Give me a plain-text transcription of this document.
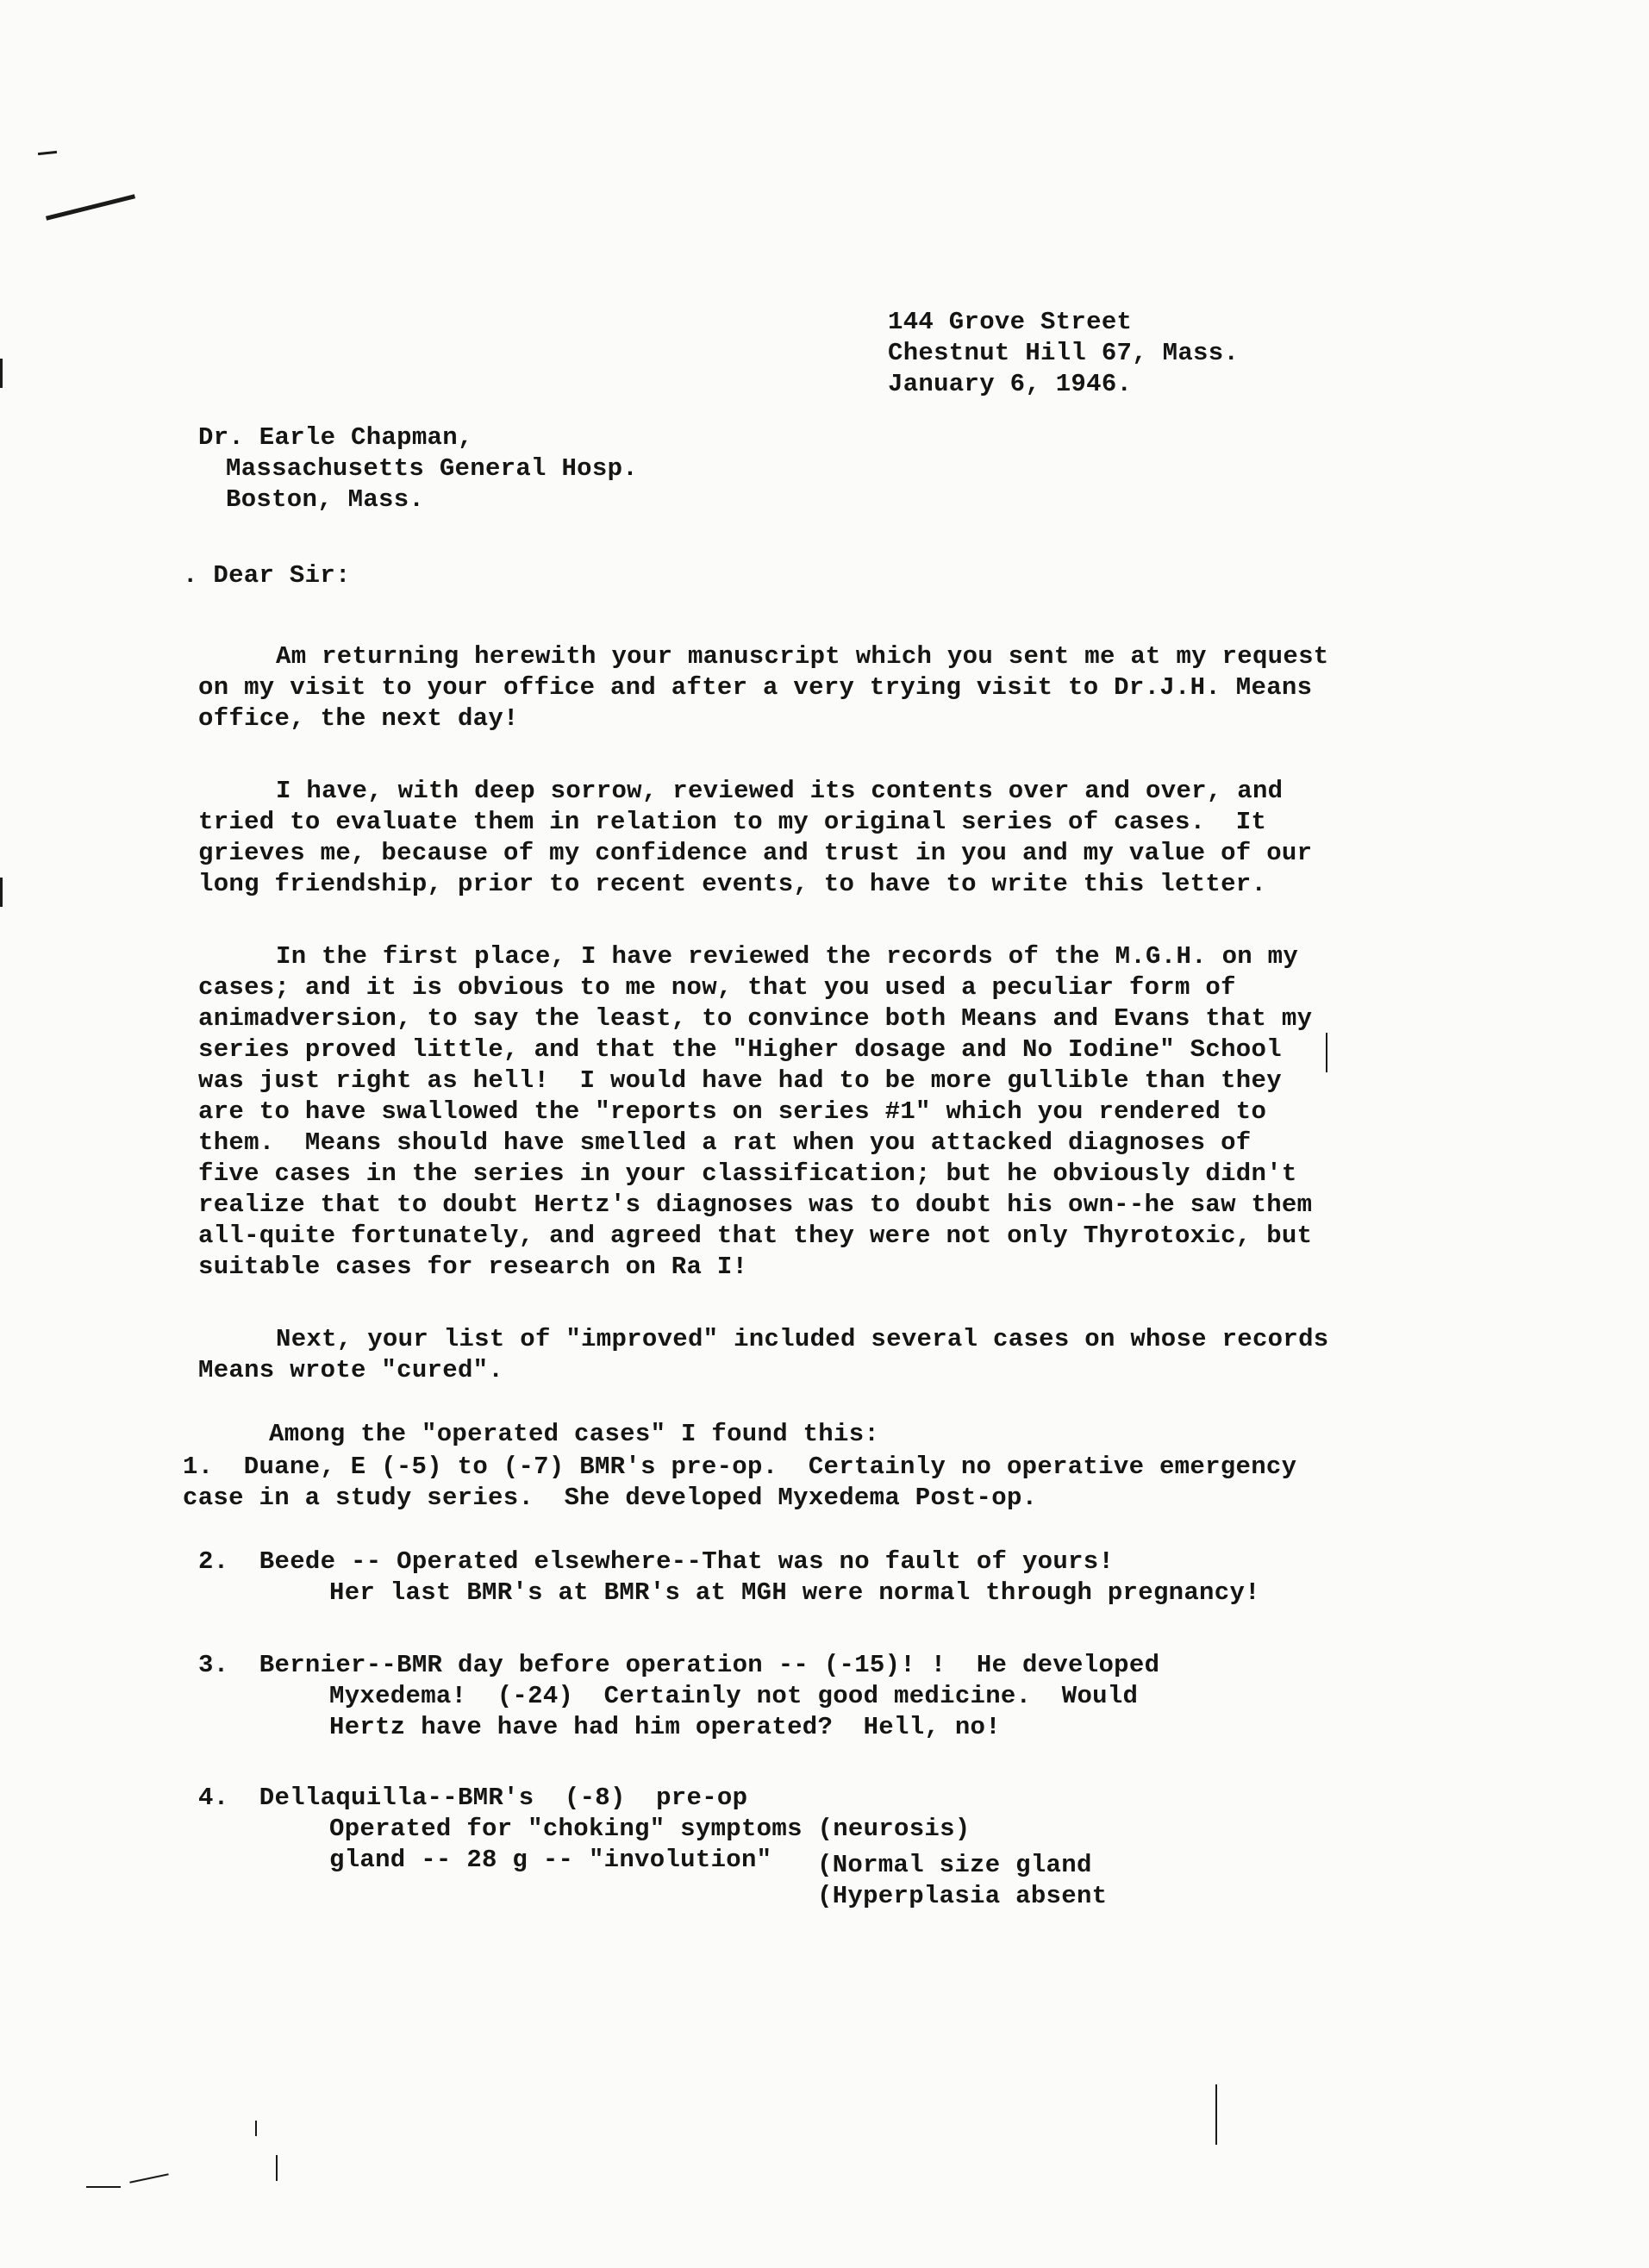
144 Grove Street
Chestnut Hill 67, Mass.
January 6, 1946.
Dr. Earle Chapman,
Massachusetts General Hosp.
Boston, Mass.
. Dear Sir:
Am returning herewith your manuscript which you sent me at my request
on my visit to your office and after a very trying visit to Dr.J.H. Means
office, the next day!
I have, with deep sorrow, reviewed its contents over and over, and
tried to evaluate them in relation to my original series of cases.  It
grieves me, because of my confidence and trust in you and my value of our
long friendship, prior to recent events, to have to write this letter.
In the first place, I have reviewed the records of the M.G.H. on my
cases; and it is obvious to me now, that you used a peculiar form of
animadversion, to say the least, to convince both Means and Evans that my
series proved little, and that the "Higher dosage and No Iodine" School
was just right as hell!  I would have had to be more gullible than they
are to have swallowed the "reports on series #1" which you rendered to
them.  Means should have smelled a rat when you attacked diagnoses of
five cases in the series in your classification; but he obviously didn't
realize that to doubt Hertz's diagnoses was to doubt his own--he saw them
all-quite fortunately, and agreed that they were not only Thyrotoxic, but
suitable cases for research on Ra I!
Next, your list of "improved" included several cases on whose records
Means wrote "cured".
Among the "operated cases" I found this:
1.  Duane, E (-5) to (-7) BMR's pre-op.  Certainly no operative emergency
case in a study series.  She developed Myxedema Post-op.
2.  Beede -- Operated elsewhere--That was no fault of yours!
Her last BMR's at BMR's at MGH were normal through pregnancy!
3.  Bernier--BMR day before operation -- (-15)! !  He developed
Myxedema!  (-24)  Certainly not good medicine.  Would
Hertz have have had him operated?  Hell, no!
4.  Dellaquilla--BMR's  (-8)  pre-op
Operated for "choking" symptoms (neurosis)
gland -- 28 g -- "involution" (Normal size gland
(Hyperplasia absent
